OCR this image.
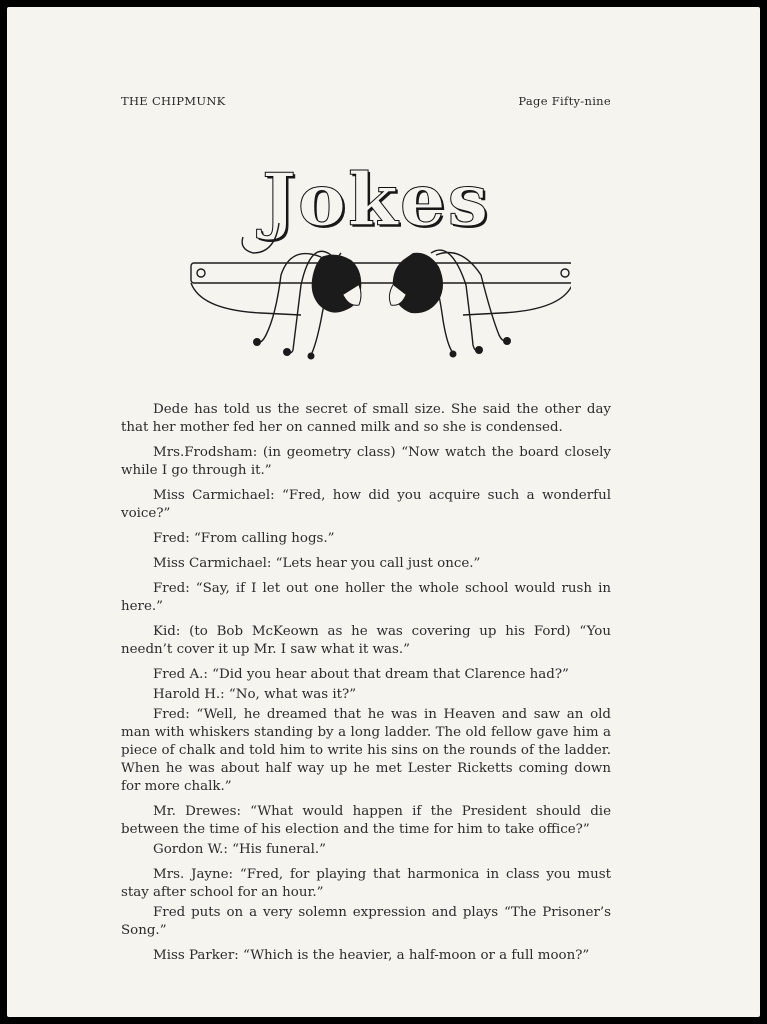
THE CHIPMUNK	Page Fifty-nine
Jokes

Dede has told us the secret of small size. She said the other day that her mother fed her on canned milk and so she is condensed.

Mrs.Frodsham: (in geometry class) “Now watch the board closely while I go through it.”

Miss Carmichael: “Fred, how did you acquire such a wonderful voice?”

Fred: “From calling hogs.”

Miss Carmichael: “Lets hear you call just once.”

Fred: “Say, if I let out one holler the whole school would rush in here.”

Kid: (to Bob McKeown as he was covering up his Ford) “You needn’t cover it up Mr. I saw what it was.”

Fred A.: “Did you hear about that dream that Clarence had?”

Harold H.: “No, what was it?”

Fred: “Well, he dreamed that he was in Heaven and saw an old man with whiskers standing by a long ladder. The old fellow gave him a piece of chalk and told him to write his sins on the rounds of the ladder. When he was about half way up he met Lester Ricketts coming down for more chalk.”

Mr. Drewes: “What would happen if the President should die between the time of his election and the time for him to take office?”

Gordon W.: “His funeral.”

Mrs. Jayne: “Fred, for playing that harmonica in class you must stay after school for an hour.”

Fred puts on a very solemn expression and plays “The Prisoner’s Song.”

Miss Parker: “Which is the heavier, a half-moon or a full moon?”
